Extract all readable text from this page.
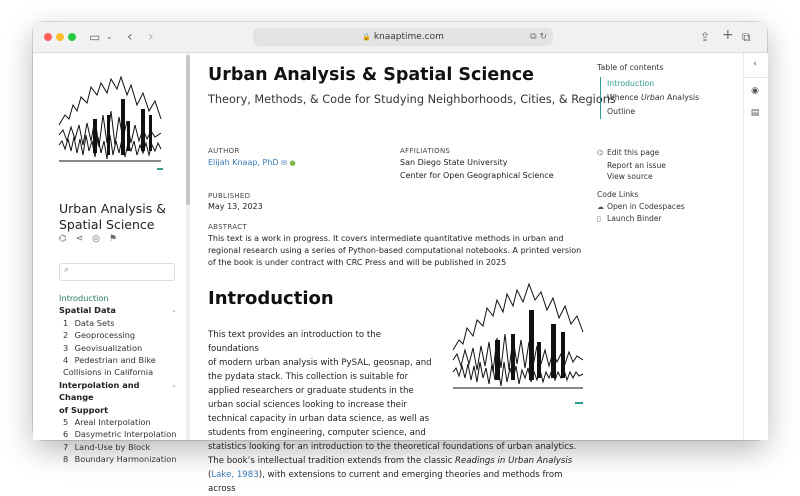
▭ ⌄ ‹ ›	🔒 knaaptime.com	⧉ ↻	⇪ + ⧉
Urban Analysis & Spatial Science
⌬ ⋖ ◎ ⚑
⌕
Introduction
Spatial Data	⌄
1 Data Sets
2 Geoprocessing
3 Geovisualization
4 Pedestrian and Bike
Collisions in California
Interpolation and Change
of Support
⌄
5 Areal Interpolation
6 Dasymetric Interpolation
7 Land-Use by Block
8 Boundary Harmonization
Urban Analysis & Spatial Science
Theory, Methods, & Code for Studying Neighborhoods, Cities, & Regions
AUTHOR
Elijah Knaap, PhD ✉ ●
AFFILIATIONS
San Diego State University
Center for Open Geographical Science
PUBLISHED
May 13, 2023
ABSTRACT
This text is a work in progress. It covers intermediate quantitative methods in urban and regional research using a series of Python-based computational notebooks. A printed version of the book is under contract with CRC Press and will be published in 2025
Introduction
This text provides an introduction to the foundations
of modern urban analysis with PySAL, geosnap, and
the pydata stack. This collection is suitable for
applied researchers or graduate students in the
urban social sciences looking to increase their
technical capacity in urban data science, as well as
students from engineering, computer science, and
statistics looking for an introduction to the theoretical foundations of urban analytics.
The book’s intellectual tradition extends from the classic Readings in Urban Analysis
(Lake, 1983), with extensions to current and emerging theories and methods from across
Table of contents
Introduction
Whence Urban Analysis
Outline
⌬ Edit this page
Report an issue
View source
Code Links
☁ Open in Codespaces
▯ Launch Binder
‹
◉
▤
